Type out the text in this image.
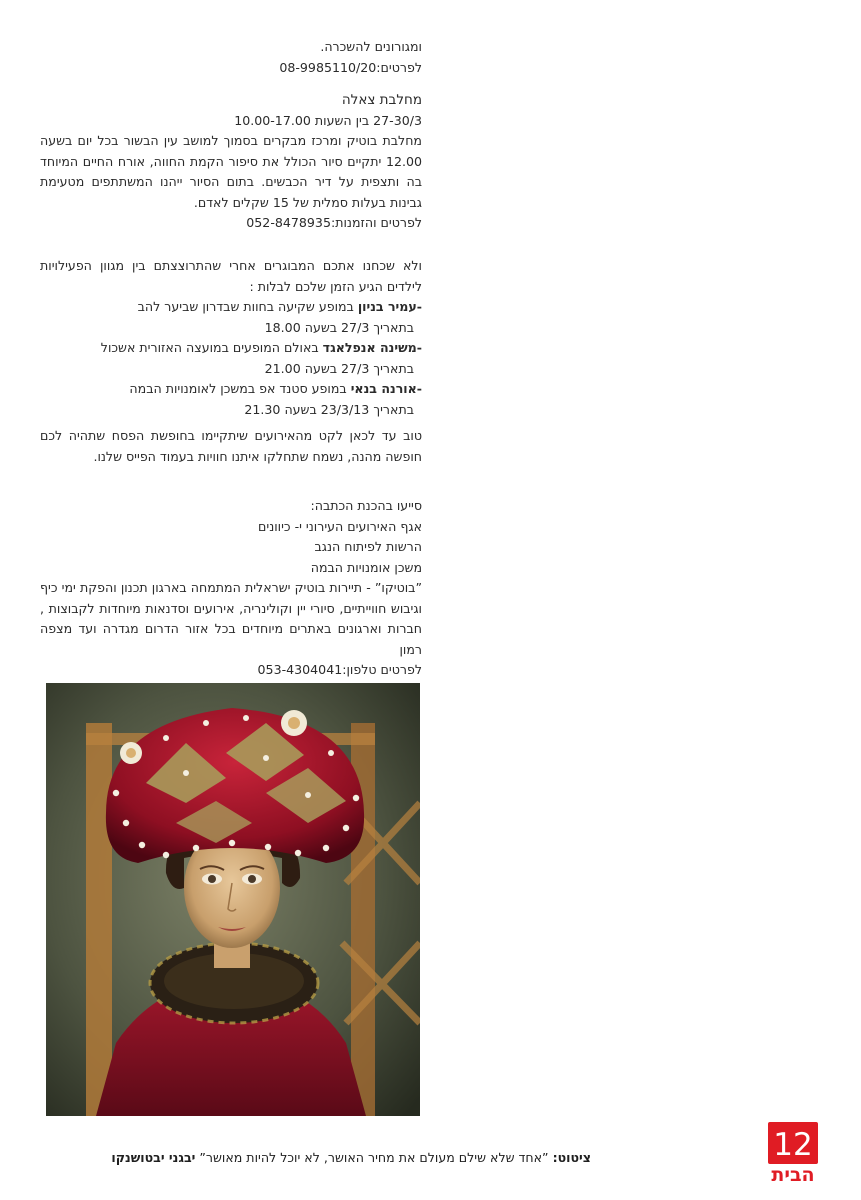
ומגורונים להשכרה.

לפרטים:08-9985110/20

מחלבת צאלה

27-30/3 בין השעות 10.00-17.00

מחלבת בוטיק ומרכז מבקרים בסמוך למושב עין הבשור בכל יום בשעה 12.00 יתקיים סיור הכולל את סיפור הקמת החווה, אורח החיים המיוחד בה ותצפית על דיר הכבשים. בתום הסיור ייהנו המשתתפים מטעימת גבינות בעלות סמלית של 15 שקלים לאדם.

לפרטים והזמנות:052-8478935

ולא שכחנו אתכם המבוגרים אחרי שהתרוצצתם בין מגוון הפעילויות לילדים הגיע הזמן שלכם לבלות :

-עמיר בניון במופע שקיעה בחוות שבדרון שביער להב

בתאריך 27/3 בשעה 18.00

-משינה אנפלאגד באולם המופעים במועצה האזורית אשכול

בתאריך 27/3 בשעה 21.00

-אורנה בנאי במופע סטנד אפ במשכן לאומנויות הבמה

בתאריך 23/3/13 בשעה 21.30

טוב עד לכאן לקט מהאירועים שיתקיימו בחופשת הפסח שתהיה לכם חופשה מהנה, נשמח שתחלקו איתנו חוויות בעמוד הפייס שלנו.

סייעו בהכנת הכתבה:

אגף האירועים העירוני י- כיוונים

הרשות לפיתוח הנגב

משכן אומנויות הבמה

”בוטיקו” - תיירות בוטיק ישראלית המתמחה בארגון תכנון והפקת ימי כיף וגיבוש חווייתיים, סיורי יין וקולינריה, אירועים וסדנאות מיוחדות לקבוצות , חברות וארגונים באתרים מיוחדים בכל אזור הדרום מגדרה ועד מצפה רמון

לפרטים טלפון:053-4304041

ציטוט: ”אחד שלא שילם מעולם את מחיר האושר, לא יוכל להיות מאושר” יבגני יבטושנקו	12
הבית
